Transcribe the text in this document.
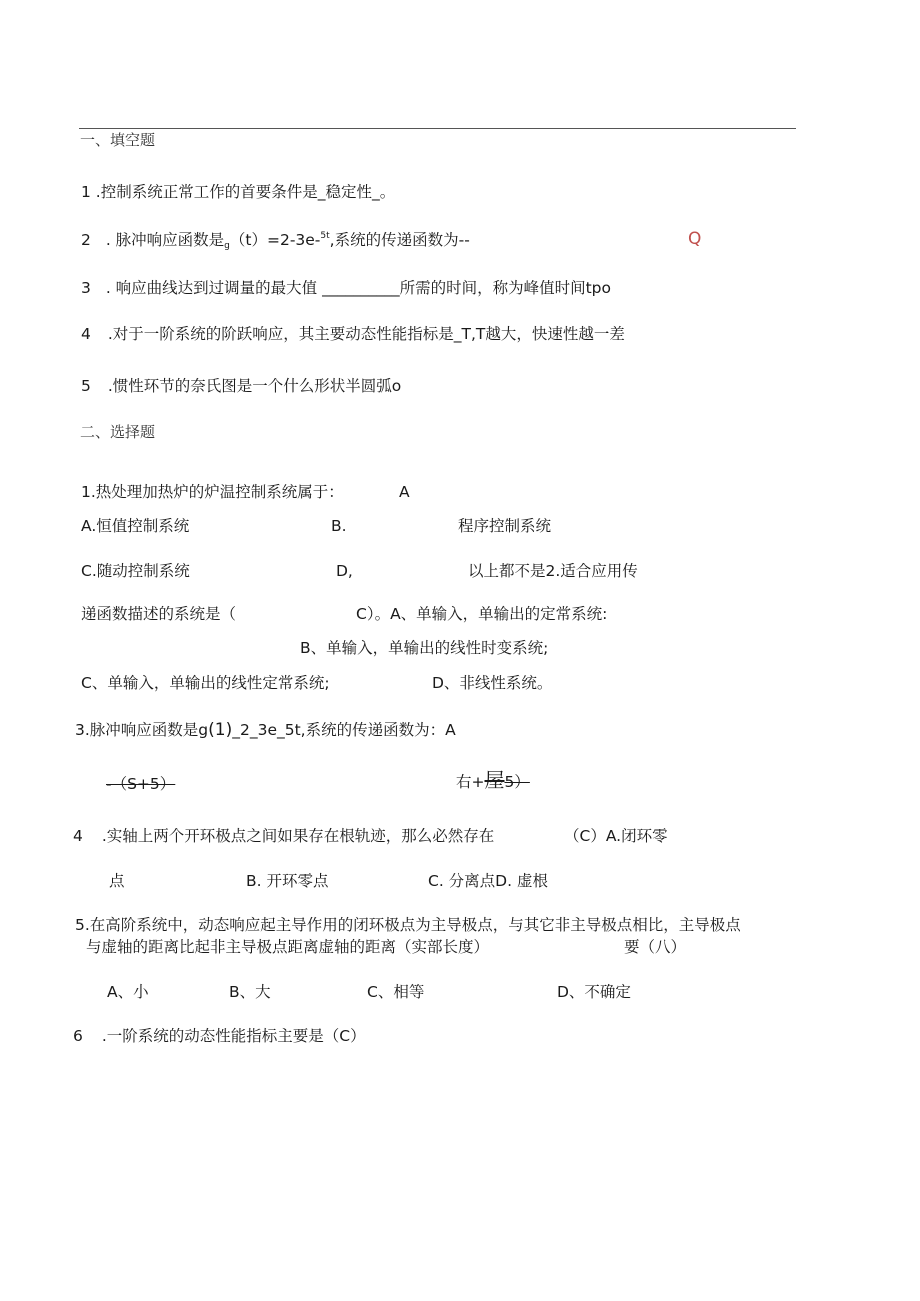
一、填空题
1 .控制系统正常工作的首要条件是_稳定性_。
2 . 脉冲响应函数是$_g$（t）=2-3e-$^{5t}$,系统的传递函数为--	Q
3 . 响应曲线达到过调量的最大值 __________所需的时间，称为峰值时间tpo
4 .对于一阶系统的阶跃响应，其主要动态性能指标是_T,T越大，快速性越一差
5 .惯性环节的奈氏图是一个什么形状半圆弧o
二、选择题
1.热处理加热炉的炉温控制系统属于：	A
A.恒值控制系统	B.	程序控制系统
C.随动控制系统	D,	以上都不是2.适合应用传
递函数描述的系统是（	C）。A、单输入，单输出的定常系统:
B、单输入，单输出的线性时变系统;
C、单输入，单输出的线性定常系统;	D、非线性系统。
3.脉冲响应函数是g(1)_2_3e_5t,系统的传递函数为：A
-（S+5）	右+屋5）
4 .实轴上两个开环极点之间如果存在根轨迹，那么必然存在	（C）A.闭环零
点	B. 开环零点	C. 分离点D. 虚根
5.在高阶系统中，动态响应起主导作用的闭环极点为主导极点，与其它非主导极点相比，主导极点
与虚轴的距离比起非主导极点距离虚轴的距离（实部长度）	要（八）
A、小	B、大	C、相等	D、不确定
6 .一阶系统的动态性能指标主要是（C）
